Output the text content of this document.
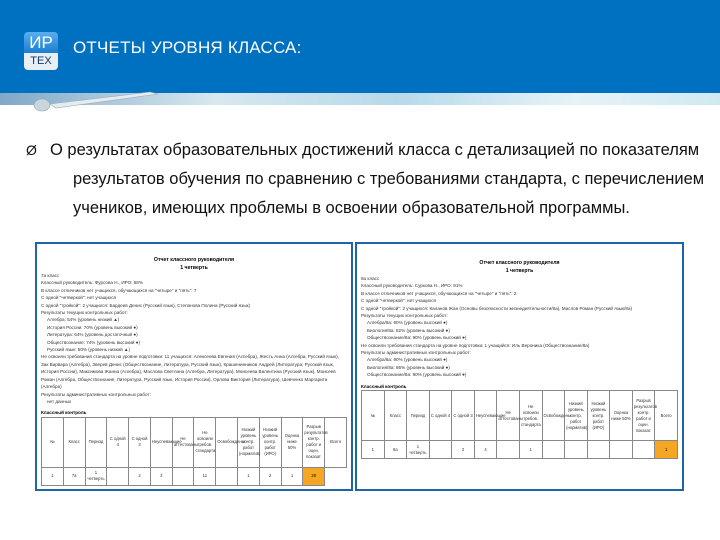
ИР
ТЕХ
ОТЧЕТЫ УРОВНЯ КЛАССА:
Ø О результатах образовательных достижений класса с детализацией по показателям результатов обучения по сравнению с требованиями стандарта, с перечислением учеников, имеющих проблемы в освоении образовательной программы.
Отчет классного руководителя
1 четверть
7а класс
Классный руководитель: Фурсова Н., ИРО: 58%
В классе отличников нет учащихся, обучающихся на "четыре" и "пять": 7
С одной "четверкой": нет учащихся
С одной "тройкой": 2 учащихся: Бардеев Денис (Русский язык), Степанова Полина (Русский язык)
Результаты текущих контрольных работ:
Алгебра: 54% (уровень низкий ▲)
История России: 70% (уровень высокий ●)
Литература: 64% (уровень достаточный ●)
Обществознание: 74% (уровень высокий ●)
Русский язык: 50% (уровень низкий ▲)
Не освоили требования стандарта на уровне подготовки: 11 учащихся: Алексеева Евгения (Алгебра), Жесть Анна (Алгебра, Русский язык), Зак Варвара (Алгебра), Зверев Денис (Обществознание, Литература, Русский язык), Крашенинников Андрей (Литература, Русский язык, История России), Максимова Жанна (Алгебра), Маслова Светлана (Алгебра, Литература), Моисеева Валентина (Русский язык), Моисеев Роман (Алгебра, Обществознание, Литература, Русский язык, История России), Орлова Виктория (Литература), Шевченко Маргарита (Алгебра)
Результаты административных контрольных работ:
нет данных
Классный контроль
№	Класс	Период	С одной 4	С одной 3	Неуспевающие	Не аттестованы	Не освоили требов. стандарта	Освобождены	Низкий уровень контр. работ (норматив)	Низкий уровень контр. работ (ИРО)	Оценка ниже 50%	Разрыв результатов контр. работ и оцен. показат.	Всего
1	7а	1 четверть		2	3		11		1	2	1	20	
Отчет классного руководителя
1 четверть
8а класс
Классный руководитель: Суркова Н., ИРО: 91%
В классе отличников нет учащихся, обучающихся на "четыре" и "пять": 2
С одной "четверкой": нет учащихся
С одной "тройкой": 2 учащихся: Каланов Жан (Основы безопасности жизнедеятельности/8а), Маслов Роман (Русский язык/8а)
Результаты текущих контрольных работ:
Алгебра/8а: 90% (уровень высокий ●)
Биология/8а: 82% (уровень высокий ●)
Обществознание/8а: 90% (уровень высокий ●)
Не освоили требования стандарта на уровне подготовки: 1 учащийся: Иль Вероника (Обществознание/8а)
Результаты административных контрольных работ:
Алгебра/8а: 90% (уровень высокий ●)
Биология/8а: 86% (уровень высокий ●)
Обществознание/8а: 90% (уровень высокий ●)
Классный контроль
№	Класс	Период	С одной 4	С одной 3	Неуспевающие	Не аттестованы	Не освоили требов. стандарта	Освобождены	Низкий уровень контр. работ (норматив)	Низкий уровень контр. работ (ИРО)	Оценка ниже 50%	Разрыв результатов контр. работ и оцен. показат.	Всего
1	8а	1 четверть		2	4		1						1
